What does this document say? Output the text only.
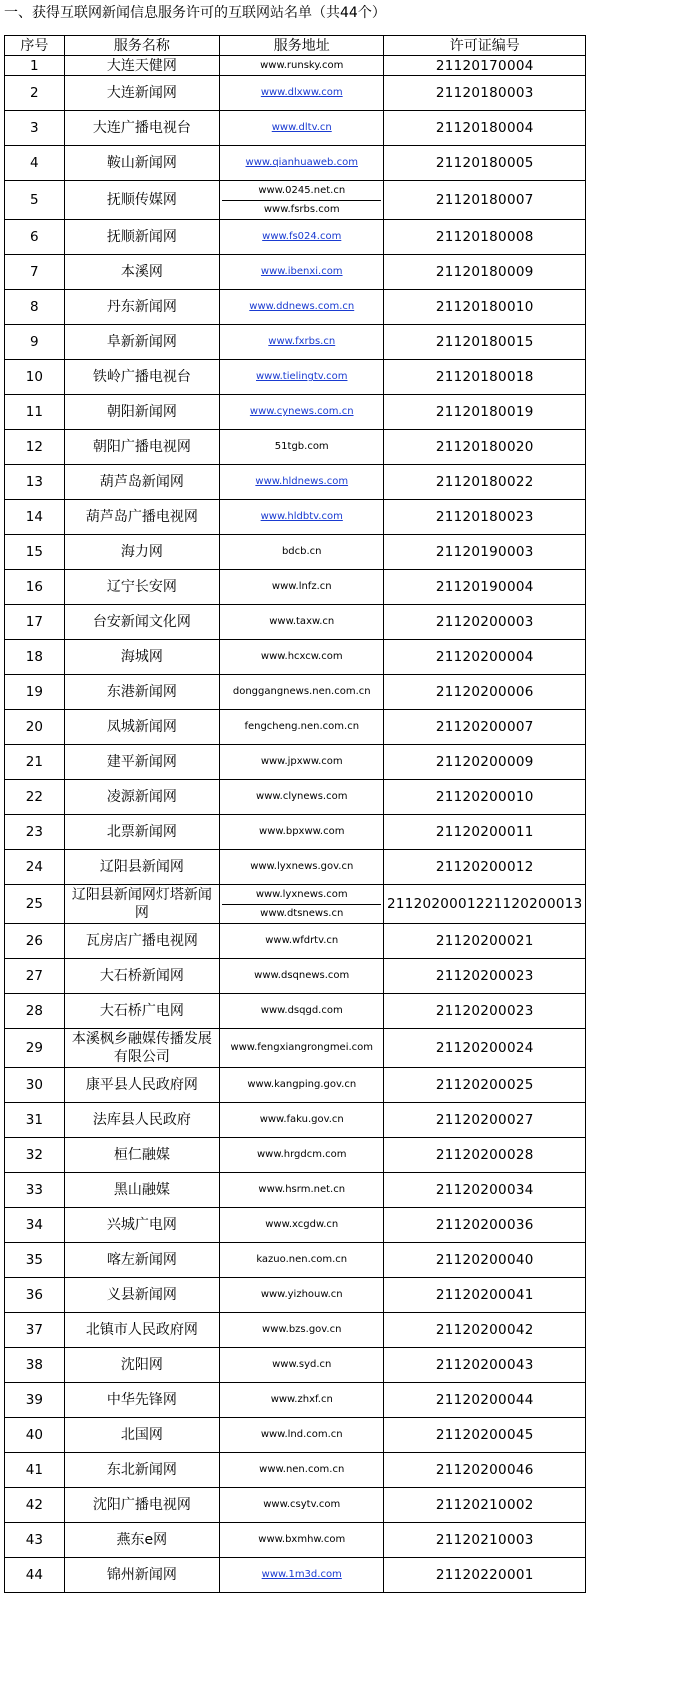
一、获得互联网新闻信息服务许可的互联网站名单（共44个）
序号	服务名称	服务地址	许可证编号
1	大连天健网	www.runsky.com	21120170004
2	大连新闻网	www.dlxww.com	21120180003
3	大连广播电视台	www.dltv.cn	21120180004
4	鞍山新闻网	www.qianhuaweb.com	21120180005
5	抚顺传媒网	www.0245.net.cn
www.fsrbs.com	21120180007
6	抚顺新闻网	www.fs024.com	21120180008
7	本溪网	www.ibenxi.com	21120180009
8	丹东新闻网	www.ddnews.com.cn	21120180010
9	阜新新闻网	www.fxrbs.cn	21120180015
10	铁岭广播电视台	www.tielingtv.com	21120180018
11	朝阳新闻网	www.cynews.com.cn	21120180019
12	朝阳广播电视网	51tgb.com	21120180020
13	葫芦岛新闻网	www.hldnews.com	21120180022
14	葫芦岛广播电视网	www.hldbtv.com	21120180023
15	海力网	bdcb.cn	21120190003
16	辽宁长安网	www.lnfz.cn	21120190004
17	台安新闻文化网	www.taxw.cn	21120200003
18	海城网	www.hcxcw.com	21120200004
19	东港新闻网	donggangnews.nen.com.cn	21120200006
20	凤城新闻网	fengcheng.nen.com.cn	21120200007
21	建平新闻网	www.jpxww.com	21120200009
22	凌源新闻网	www.clynews.com	21120200010
23	北票新闻网	www.bpxww.com	21120200011
24	辽阳县新闻网	www.lyxnews.gov.cn	21120200012
25	辽阳县新闻网灯塔新闻网	www.lyxnews.com
www.dtsnews.cn	2112020001221120200013
26	瓦房店广播电视网	www.wfdrtv.cn	21120200021
27	大石桥新闻网	www.dsqnews.com	21120200023
28	大石桥广电网	www.dsqgd.com	21120200023
29	本溪枫乡融媒传播发展有限公司	www.fengxiangrongmei.com	21120200024
30	康平县人民政府网	www.kangping.gov.cn	21120200025
31	法库县人民政府	www.faku.gov.cn	21120200027
32	桓仁融媒	www.hrgdcm.com	21120200028
33	黑山融媒	www.hsrm.net.cn	21120200034
34	兴城广电网	www.xcgdw.cn	21120200036
35	喀左新闻网	kazuo.nen.com.cn	21120200040
36	义县新闻网	www.yizhouw.cn	21120200041
37	北镇市人民政府网	www.bzs.gov.cn	21120200042
38	沈阳网	www.syd.cn	21120200043
39	中华先锋网	www.zhxf.cn	21120200044
40	北国网	www.lnd.com.cn	21120200045
41	东北新闻网	www.nen.com.cn	21120200046
42	沈阳广播电视网	www.csytv.com	21120210002
43	燕东e网	www.bxmhw.com	21120210003
44	锦州新闻网	www.1m3d.com	21120220001
